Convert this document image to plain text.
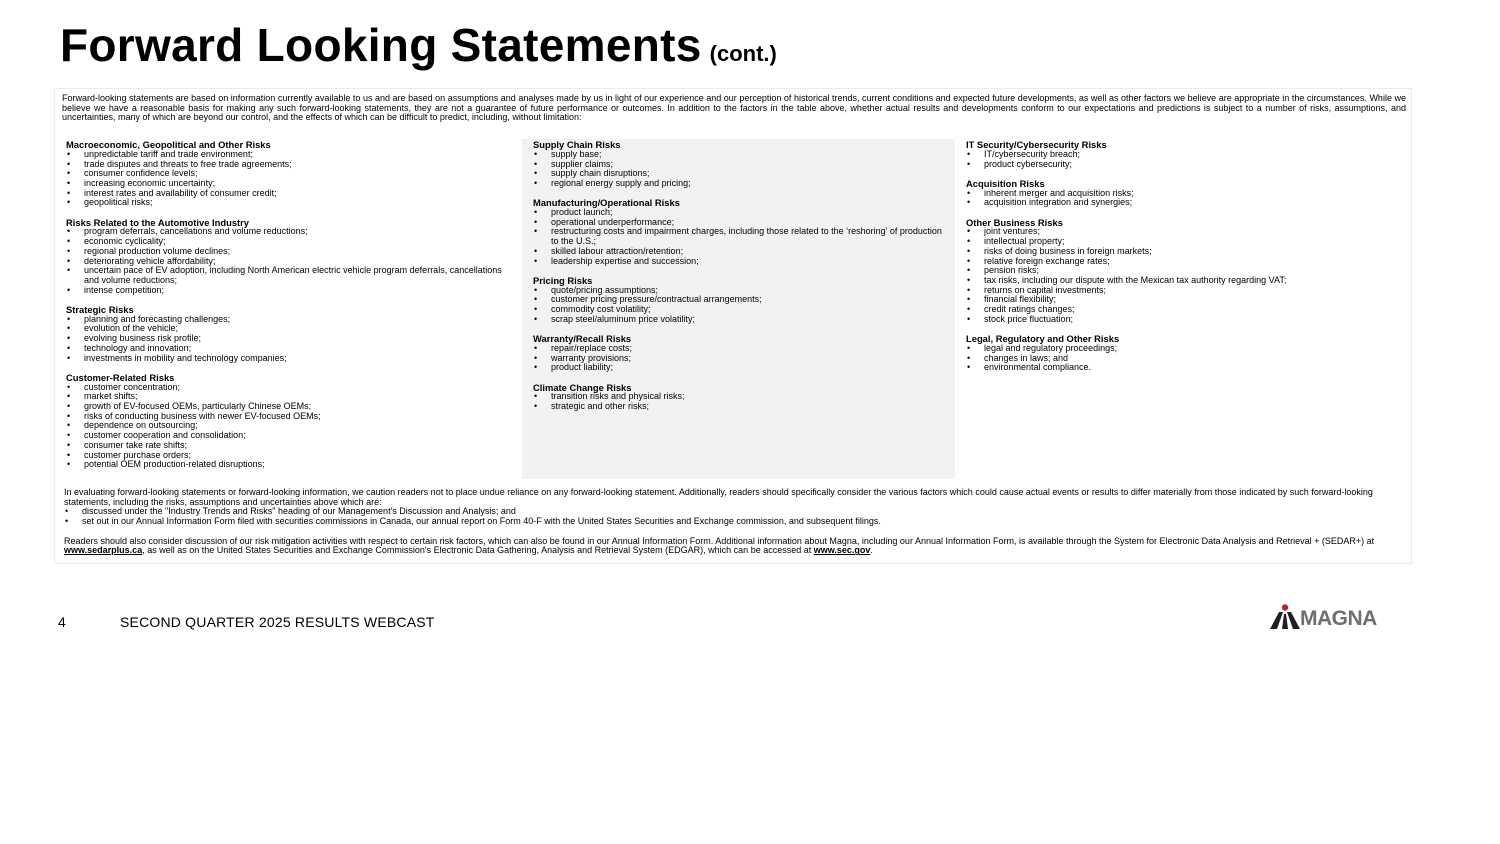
Forward Looking Statements (cont.)

Forward-looking statements are based on information currently available to us and are based on assumptions and analyses made by us in light of our experience and our perception of historical trends, current conditions and expected future developments, as well as other factors we believe are appropriate in the circumstances. While we believe we have a reasonable basis for making any such forward-looking statements, they are not a guarantee of future performance or outcomes. In addition to the factors in the table above, whether actual results and developments conform to our expectations and predictions is subject to a number of risks, assumptions, and uncertainties, many of which are beyond our control, and the effects of which can be difficult to predict, including, without limitation:

Macroeconomic, Geopolitical and Other Risks
• unpredictable tariff and trade environment;
• trade disputes and threats to free trade agreements;
• consumer confidence levels;
• increasing economic uncertainty;
• interest rates and availability of consumer credit;
• geopolitical risks;
Risks Related to the Automotive Industry
• program deferrals, cancellations and volume reductions;
• economic cyclicality;
• regional production volume declines;
• deteriorating vehicle affordability;
• uncertain pace of EV adoption, including North American electric vehicle program deferrals, cancellations and volume reductions;
• intense competition;
Strategic Risks
• planning and forecasting challenges;
• evolution of the vehicle;
• evolving business risk profile;
• technology and innovation;
• investments in mobility and technology companies;
Customer-Related Risks
• customer concentration;
• market shifts;
• growth of EV-focused OEMs, particularly Chinese OEMs;
• risks of conducting business with newer EV-focused OEMs;
• dependence on outsourcing;
• customer cooperation and consolidation;
• consumer take rate shifts;
• customer purchase orders;
• potential OEM production-related disruptions;
Supply Chain Risks
• supply base;
• supplier claims;
• supply chain disruptions;
• regional energy supply and pricing;
Manufacturing/Operational Risks
• product launch;
• operational underperformance;
• restructuring costs and impairment charges, including those related to the ‘reshoring’ of production to the U.S.;
• skilled labour attraction/retention;
• leadership expertise and succession;
Pricing Risks
• quote/pricing assumptions;
• customer pricing pressure/contractual arrangements;
• commodity cost volatility;
• scrap steel/aluminum price volatility;
Warranty/Recall Risks
• repair/replace costs;
• warranty provisions;
• product liability;
Climate Change Risks
• transition risks and physical risks;
• strategic and other risks;
IT Security/Cybersecurity Risks
• IT/cybersecurity breach;
• product cybersecurity;
Acquisition Risks
• inherent merger and acquisition risks;
• acquisition integration and synergies;
Other Business Risks
• joint ventures;
• intellectual property;
• risks of doing business in foreign markets;
• relative foreign exchange rates;
• pension risks;
• tax risks, including our dispute with the Mexican tax authority regarding VAT;
• returns on capital investments;
• financial flexibility;
• credit ratings changes;
• stock price fluctuation;
Legal, Regulatory and Other Risks
• legal and regulatory proceedings;
• changes in laws; and
• environmental compliance.

In evaluating forward-looking statements or forward-looking information, we caution readers not to place undue reliance on any forward-looking statement. Additionally, readers should specifically consider the various factors which could cause actual events or results to differ materially from those indicated by such forward-looking statements, including the risks, assumptions and uncertainties above which are:

• discussed under the "Industry Trends and Risks" heading of our Management's Discussion and Analysis; and
• set out in our Annual Information Form filed with securities commissions in Canada, our annual report on Form 40-F with the United States Securities and Exchange commission, and subsequent filings.

Readers should also consider discussion of our risk mitigation activities with respect to certain risk factors, which can also be found in our Annual Information Form. Additional information about Magna, including our Annual Information Form, is available through the System for Electronic Data Analysis and Retrieval + (SEDAR+) at www.sedarplus.ca, as well as on the United States Securities and Exchange Commission's Electronic Data Gathering, Analysis and Retrieval System (EDGAR), which can be accessed at www.sec.gov.

4	SECOND QUARTER 2025 RESULTS WEBCAST	MAGNA
